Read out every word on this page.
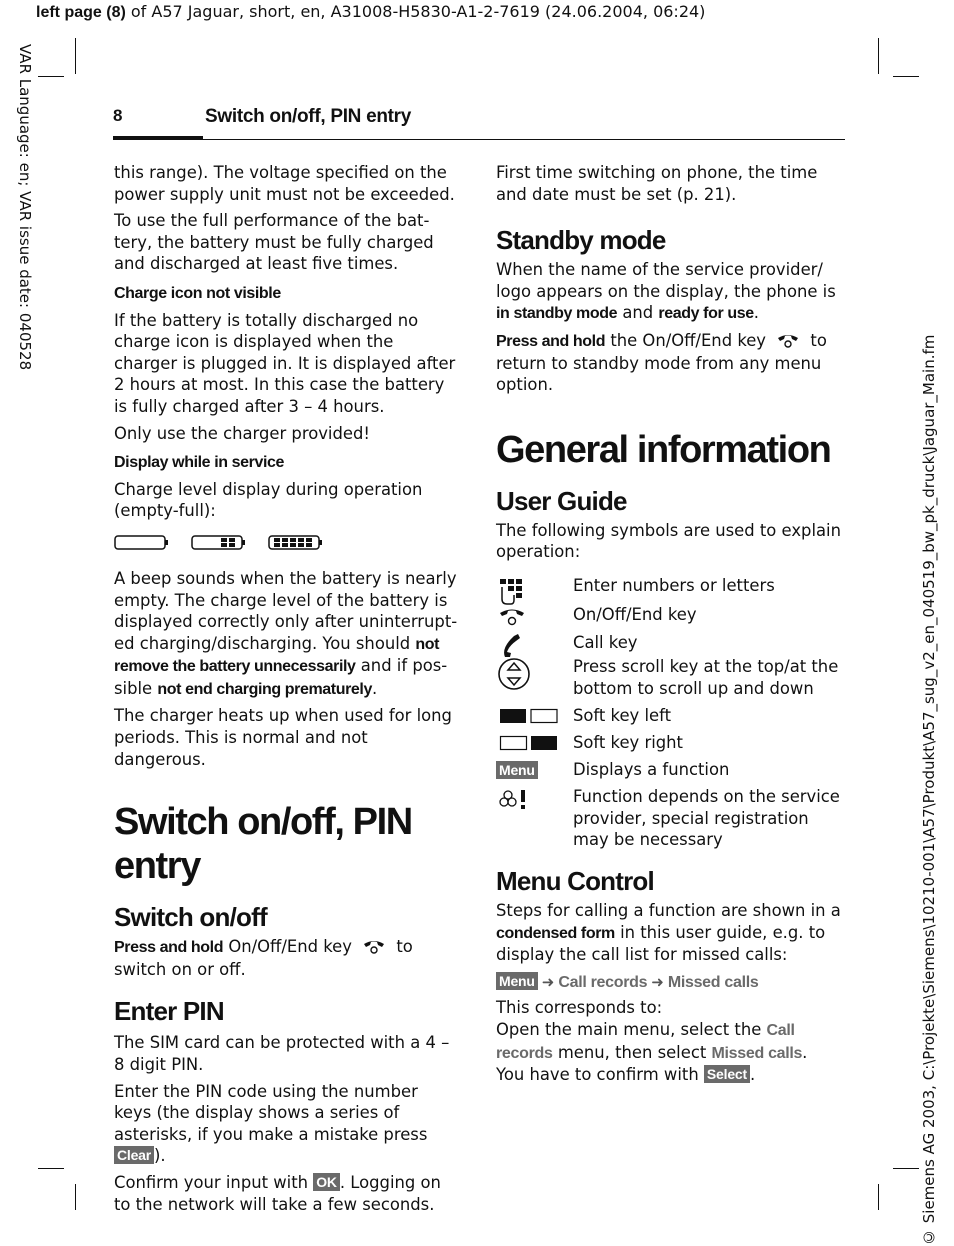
left page (8) of A57 Jaguar, short, en, A31008-H5830-A1-2-7619 (24.06.2004, 06:24)
VAR Language: en; VAR issue date: 040528
© Siemens AG 2003, C:\Projekte\Siemens\10210-001\A57\Produkt\A57_sug_v2_en_040519_bw_pk_druck\Jaguar_Main.fm
8	Switch on/off, PIN entry

this range). The voltage specified on the power supply unit must not be exceeded.

To use the full performance of the bat-tery, the battery must be fully charged and discharged at least five times.

Charge icon not visible

If the battery is totally discharged no charge icon is displayed when the charger is plugged in. It is displayed after 2 hours at most. In this case the battery is fully charged after 3 – 4 hours.

Only use the charger provided!

Display while in service

Charge level display during operation (empty-full):

A beep sounds when the battery is nearly empty. The charge level of the battery is displayed correctly only after uninterrupt-ed charging/discharging. You should not remove the battery unnecessarily and if pos-sible not end charging prematurely.

The charger heats up when used for long periods. This is normal and not dangerous.

Switch on/off, PIN entry
Switch on/off

Press and hold On/Off/End key  to switch on or off.

Enter PIN

The SIM card can be protected with a 4 – 8 digit PIN.

Enter the PIN code using the number keys (the display shows a series of asterisks, if you make a mistake press Clear ).

Confirm your input with OK . Logging on to the network will take a few seconds.

First time switching on phone, the time and date must be set (p. 21).

Standby mode

When the name of the service provider/ logo appears on the display, the phone is in standby mode and ready for use.

Press and hold the On/Off/End key  to return to standby mode from any menu option.

General information
User Guide

The following symbols are used to explain operation:

Enter numbers or letters
On/Off/End key
Call key
Press scroll key at the top/at the bottom to scroll up and down
Soft key left
Soft key right
Menu Displays a function
Function depends on the service provider, special registration may be necessary
Menu Control

Steps for calling a function are shown in a condensed form in this user guide, e.g. to display the call list for missed calls:

Menu ➜ Call records ➜ Missed calls

This corresponds to:

Open the main menu, select the Call records menu, then select Missed calls.

You have to confirm with Select .
